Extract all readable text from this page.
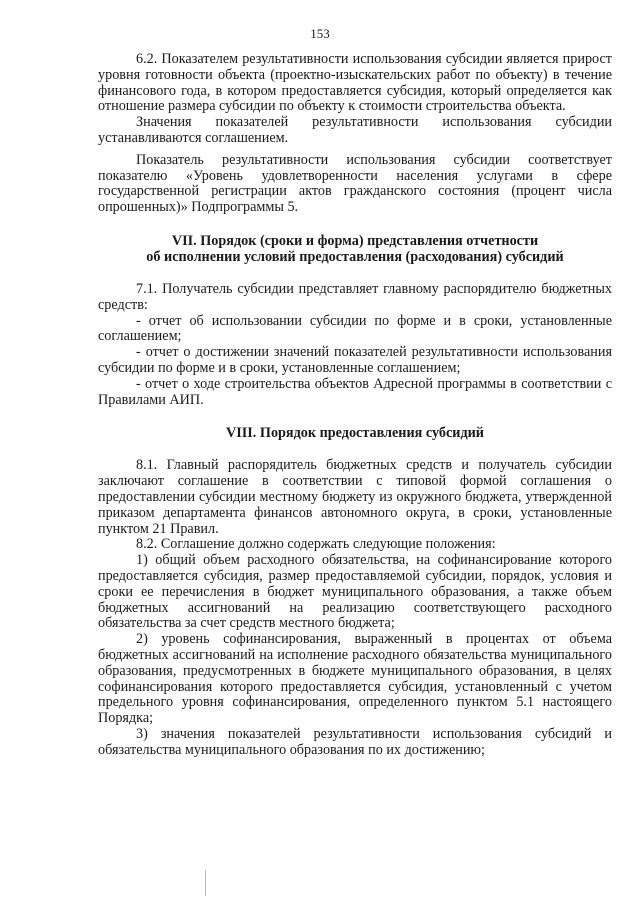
153

6.2. Показателем результативности использования субсидии является прирост уровня готовности объекта (проектно-изыскательских работ по объекту) в течение финансового года, в котором предоставляется субсидия, который определяется как отношение размера субсидии по объекту к стоимости строительства объекта.

Значения показателей результативности использования субсидии устанавливаются соглашением.

Показатель результативности использования субсидии соответствует показателю «Уровень удовлетворенности населения услугами в сфере государственной регистрации актов гражданского состояния (процент числа опрошенных)» Подпрограммы 5.

VII. Порядок (сроки и форма) представления отчетности
об исполнении условий предоставления (расходования) субсидий

7.1. Получатель субсидии представляет главному распорядителю бюджетных средств:

- отчет об использовании субсидии по форме и в сроки, установленные соглашением;

- отчет о достижении значений показателей результативности использования субсидии по форме и в сроки, установленные соглашением;

- отчет о ходе строительства объектов Адресной программы в соответствии с Правилами АИП.

VIII. Порядок предоставления субсидий

8.1. Главный распорядитель бюджетных средств и получатель субсидии заключают соглашение в соответствии с типовой формой соглашения о предоставлении субсидии местному бюджету из окружного бюджета, утвержденной приказом департамента финансов автономного округа, в сроки, установленные пунктом 21 Правил.

8.2. Соглашение должно содержать следующие положения:

1) общий объем расходного обязательства, на софинансирование которого предоставляется субсидия, размер предоставляемой субсидии, порядок, условия и сроки ее перечисления в бюджет муниципального образования, а также объем бюджетных ассигнований на реализацию соответствующего расходного обязательства за счет средств местного бюджета;

2) уровень софинансирования, выраженный в процентах от объема бюджетных ассигнований на исполнение расходного обязательства муниципального образования, предусмотренных в бюджете муниципального образования, в целях софинансирования которого предоставляется субсидия, установленный с учетом предельного уровня софинансирования, определенного пунктом 5.1 настоящего Порядка;

3) значения показателей результативности использования субсидий и обязательства муниципального образования по их достижению;
